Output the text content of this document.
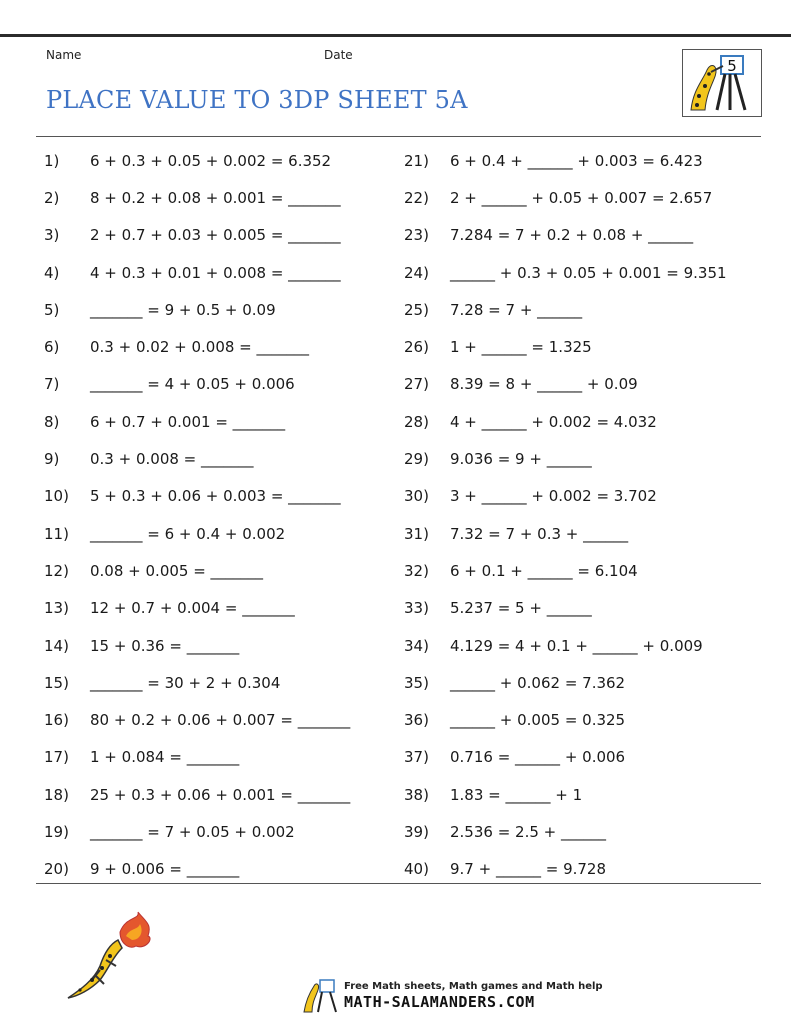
Name	Date
PLACE VALUE TO 3DP SHEET 5A
5
1)	6 + 0.3 + 0.05 + 0.002 = 6.352
2)	8 + 0.2 + 0.08 + 0.001 = _______
3)	2 + 0.7 + 0.03 + 0.005 = _______
4)	4 + 0.3 + 0.01 + 0.008 = _______
5)	_______ = 9 + 0.5 + 0.09
6)	0.3 + 0.02 + 0.008 = _______
7)	_______ = 4 + 0.05 + 0.006
8)	6 + 0.7 + 0.001 = _______
9)	0.3 + 0.008 = _______
10)	5 + 0.3 + 0.06 + 0.003 = _______
11)	_______ = 6 + 0.4 + 0.002
12)	0.08 + 0.005 = _______
13)	12 + 0.7 + 0.004 = _______
14)	15 + 0.36 = _______
15)	_______ = 30 + 2 + 0.304
16)	80 + 0.2 + 0.06 + 0.007 = _______
17)	1 + 0.084 = _______
18)	25 + 0.3 + 0.06 + 0.001 = _______
19)	_______ = 7 + 0.05 + 0.002
20)	9 + 0.006 = _______
21)	6 + 0.4 + ______ + 0.003 = 6.423
22)	2 + ______ + 0.05 + 0.007 = 2.657
23)	7.284 = 7 + 0.2 + 0.08 + ______
24)	______ + 0.3 + 0.05 + 0.001 = 9.351
25)	7.28 = 7 + ______
26)	1 + ______ = 1.325
27)	8.39 = 8 + ______ + 0.09
28)	4 + ______ + 0.002 = 4.032
29)	9.036 = 9 + ______
30)	3 + ______ + 0.002 = 3.702
31)	7.32 = 7 + 0.3 + ______
32)	6 + 0.1 + ______ = 6.104
33)	5.237 = 5 + ______
34)	4.129 = 4 + 0.1 + ______ + 0.009
35)	______ + 0.062 = 7.362
36)	______ + 0.005 = 0.325
37)	0.716 = ______ + 0.006
38)	1.83 = ______ + 1
39)	2.536 = 2.5 + ______
40)	9.7 + ______ = 9.728
Free Math sheets, Math games and Math help
MATH-SALAMANDERS.COM
